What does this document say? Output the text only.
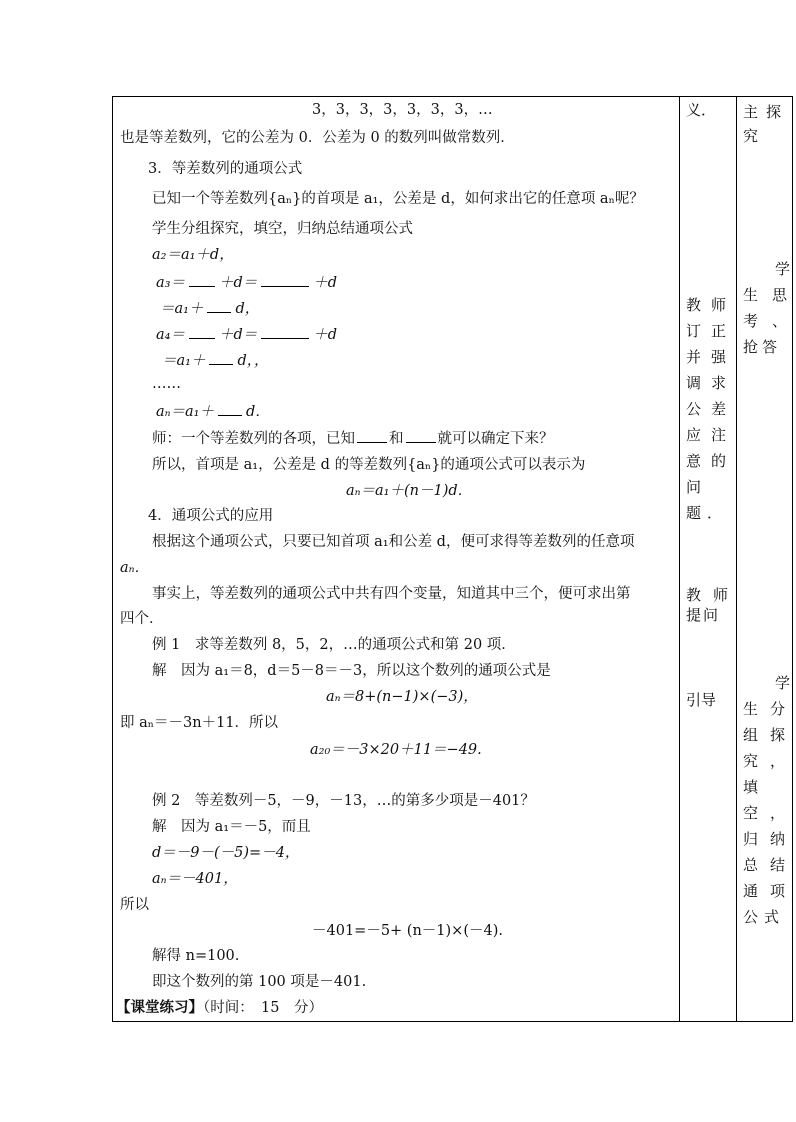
3，3，3，3，3，3，3，…
也是等差数列，它的公差为 0．公差为 0 的数列叫做常数列．
3．等差数列的通项公式
已知一个等差数列{aₙ}的首项是 a₁，公差是 d，如何求出它的任意项 aₙ呢？
学生分组探究，填空，归纳总结通项公式
a₂＝a₁＋d，
a₃＝ ＋d＝	＋d
＝a₁＋ d，
a₄＝ ＋d＝	＋d
＝a₁＋ d，，
……
aₙ＝a₁＋ d．
师：一个等差数列的各项，已知 和 就可以确定下来？
所以，首项是 a₁，公差是 d 的等差数列{aₙ}的通项公式可以表示为
aₙ＝a₁＋(n－1)d．
4．通项公式的应用
根据这个通项公式，只要已知首项 a₁和公差 d，便可求得等差数列的任意项
aₙ．
事实上，等差数列的通项公式中共有四个变量，知道其中三个，便可求出第
四个．
例 1　求等差数列 8，5，2，…的通项公式和第 20 项．
解　因为 a₁＝8，d＝5－8＝－3，所以这个数列的通项公式是
aₙ＝8+(n−1)×(−3)，
即 aₙ＝－3n＋11．所以
a₂₀＝－3×20＋11＝−49.
例 2　等差数列－5，－9，－13，…的第多少项是－401？
解　因为 a₁＝－5，而且
d＝－9－(－5)=－4，
aₙ＝－401，
所以
－401=－5+ (n－1)×(－4).
解得 n=100.
即这个数列的第 100 项是－401.
【课堂练习】（时间：　15　分）
义．
教师订正并强调求公差应注意的问题．
教师提问
引导
主探究
学生思考、抢答
学生分组探究，填空，归纳总结通项公式
